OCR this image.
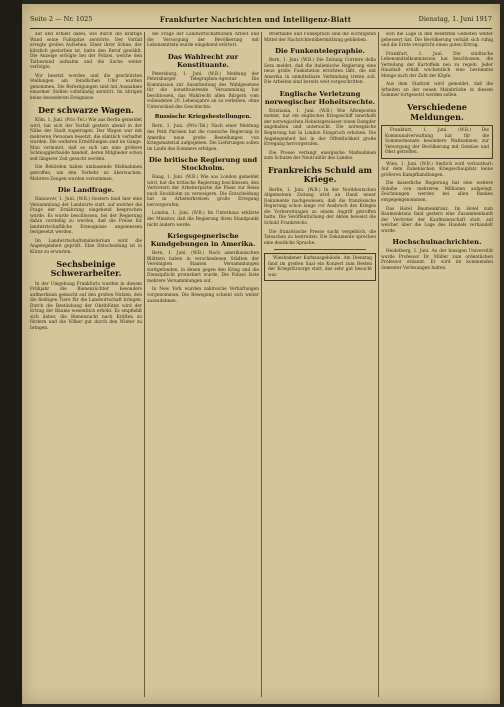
Seite 2 — Nr. 1025	Frankfurter Nachrichten und Intelligenz-Blatt	Dienstag, 1. Juni 1917

auf und erhielt dabei, wie durch die kräftige Wand seine Fußspitze zerstörte. Der Vorfall erregte großes Aufsehen. Einer ihrer Söhne, der kürzlich gestorben ist, hatte den Beruf gewählt. Die Anzeige erfolgte bei der Polizei, welche den Tatbestand aufnahm und die Sache weiter verfolgte.

Wir besetzt worden und die geschützten Stellungen am feindlichen Ufer wurden genommen. Die Befestigungen sind mit Ausnahme einzelner Stellen vollständig zerstört. Im übrigen keine besonderen Ereignisse.

Der schwarze Wagen.

Köln, 1. Juni. (Priv.-Tel.) Wie aus Berlin gemeldet wird, hat sich der Vorfall gestern abend in der Nähe der Stadt zugetragen. Der Wagen war mit mehreren Personen besetzt, die sämtlich verhaftet wurden. Die weiteren Ermittlungen sind im Gange. Man vermutet, daß es sich um eine größere Schmugglerbande handelt, deren Mitglieder schon seit längerer Zeit gesucht werden.

Die Behörden haben umfassende Maßnahmen getroffen, um den Verkehr zu überwachen. Mehrere Zeugen wurden vernommen.

Die Landfrage.

Hannover, 1. Juni. (W.B.) Gestern fand hier eine Versammlung der Landwirte statt, auf welcher die Frage der Ernährung eingehend besprochen wurde. Es wurde beschlossen, bei der Regierung dahin vorstellig zu werden, daß die Preise für landwirtschaftliche Erzeugnisse angemessen festgesetzt werden.

Im Landwirtschaftsministerium wird die Angelegenheit geprüft. Eine Entscheidung ist in Kürze zu erwarten.

Sechsbeinige Schwerarbeiter.

In der Umgebung Frankfurts wurden in diesem Frühjahr die Bienenzüchter besonders aufmerksam gemacht auf den großen Nutzen, den die fleißigen Tiere für die Landwirtschaft bringen. Durch die Bestäubung der Obstblüten wird der Ertrag der Bäume wesentlich erhöht. Es empfiehlt sich daher, die Bienenzucht nach Kräften zu fördern und die Völker gut durch den Winter zu bringen.

die Frage der Landwirtschaftlichen Arbeit und die Versorgung der Bevölkerung mit Lebensmitteln wurde eingehend erörtert.

Das Wahlrecht zur Konstituante.

Petersburg, 1. Juni. (W.B.) Meldung der Petersburger Telegraphen-Agentur. Die Kommission zur Ausarbeitung des Wahlgesetzes für die konstituierende Versammlung hat beschlossen, das Wahlrecht allen Bürgern vom vollendeten 20. Lebensjahre an zu verleihen, ohne Unterschied des Geschlechts.

Russische Kriegsbestellungen.

Bern, 1. Juni. (Priv.-Tel.) Nach einer Meldung des Petit Parisien hat die russische Regierung in Amerika neue große Bestellungen von Kriegsmaterial aufgegeben. Die Lieferungen sollen im Laufe des Sommers erfolgen.

Die britische Regierung und Stockholm.

Haag, 1. Juni. (W.B.) Wie aus London gemeldet wird, hat die britische Regierung beschlossen, den Vertretern der Arbeiterpartei die Pässe zur Reise nach Stockholm zu verweigern. Die Entscheidung hat in Arbeiterkreisen große Erregung hervorgerufen.

London, 1. Juni. (W.B.) Im Unterhaus erklärte der Minister, daß die Regierung ihren Standpunkt nicht ändern werde.

Kriegsgegnerische Kundgebungen in Amerika.

Bern, 1. Juni. (W.B.) Nach amerikanischen Blättern haben in verschiedenen Städten der Vereinigten Staaten Versammlungen stattgefunden, in denen gegen den Krieg und die Dienstpflicht protestiert wurde. Die Polizei löste mehrere Versammlungen auf.

In New York wurden zahlreiche Verhaftungen vorgenommen. Die Bewegung scheint sich weiter auszudehnen.

Brieftaube und Funkspruch sind die wichtigsten Mittel der Nachrichtenübermittlung geblieben.

Die Funkentelegraphie.

Bern, 1. Juni. (W.B.) Die Zeitung Corriere della Sera meldet, daß die italienische Regierung eine neue große Funkstation errichten läßt, die mit Amerika in unmittelbare Verbindung treten soll. Die Arbeiten sind bereits weit vorgeschritten.

Englische Verletzung norwegischer Hoheitsrechte.

Kristiania, 1. Juni. (W.B.) Wie Aftenposten meldet, hat ein englisches Kriegsschiff innerhalb der norwegischen Hoheitsgewässer einen Dampfer angehalten und untersucht. Die norwegische Regierung hat in London Einspruch erhoben. Die Angelegenheit hat in der Öffentlichkeit große Erregung hervorgerufen.

Die Presse verlangt energische Maßnahmen zum Schutze der Neutralität des Landes.

Frankreichs Schuld am Kriege.

Berlin, 1. Juni. (W.B.) In der Norddeutschen Allgemeinen Zeitung wird an Hand neuer Dokumente nachgewiesen, daß die französische Regierung schon lange vor Ausbruch des Krieges die Vorbereitungen zu einem Angriff getroffen hatte. Die Veröffentlichung der Akten beweist die Schuld Frankreichs.

Die französische Presse sucht vergeblich, die Tatsachen zu bestreiten. Die Dokumente sprechen eine deutliche Sprache.

Wiesbadener Kurhausgebäude. Am Dienstag fand im großen Saal ein Konzert zum Besten der Kriegsfürsorge statt, das sehr gut besucht war.

sich die Lage in den besetzten Gebieten weiter gebessert hat. Die Bevölkerung verhält sich ruhig und die Ernte verspricht einen guten Ertrag.

Frankfurt, 1. Juni. Die städtische Lebensmittelkommission hat beschlossen, die Verteilung der Kartoffeln neu zu regeln. Jeder Haushalt erhält wöchentlich eine bestimmte Menge nach der Zahl der Köpfe.

Aus dem Stadtrat wird gemeldet, daß die Arbeiten an der neuen Mainbrücke in diesem Sommer fortgesetzt werden sollen.

Verschiedene Meldungen.

Frankfurt, 1. Juni. (W.B.) Die Kommunalverwaltung hat für die Sommermonate besondere Maßnahmen zur Versorgung der Bevölkerung mit Gemüse und Obst getroffen.

Wien, 1. Juni. (W.B.) Amtlich wird verlautbart: Auf dem italienischen Kriegsschauplatz keine größeren Kampfhandlungen.

Die kaiserliche Regierung hat eine weitere Anleihe von mehreren Millionen aufgelegt. Zeichnungen werden bei allen Banken entgegengenommen.

Das Hotel Baumenkranz. Im Hotel zum Baumenkranz fand gestern eine Zusammenkunft der Vertreter der Kaufmannschaft statt, auf welcher über die Lage des Handels verhandelt wurde.

Hochschulnachrichten.

Heidelberg, 1. Juni. An der hiesigen Universität wurde Professor Dr. Müller zum ordentlichen Professor ernannt. Er wird im kommenden Semester Vorlesungen halten.
